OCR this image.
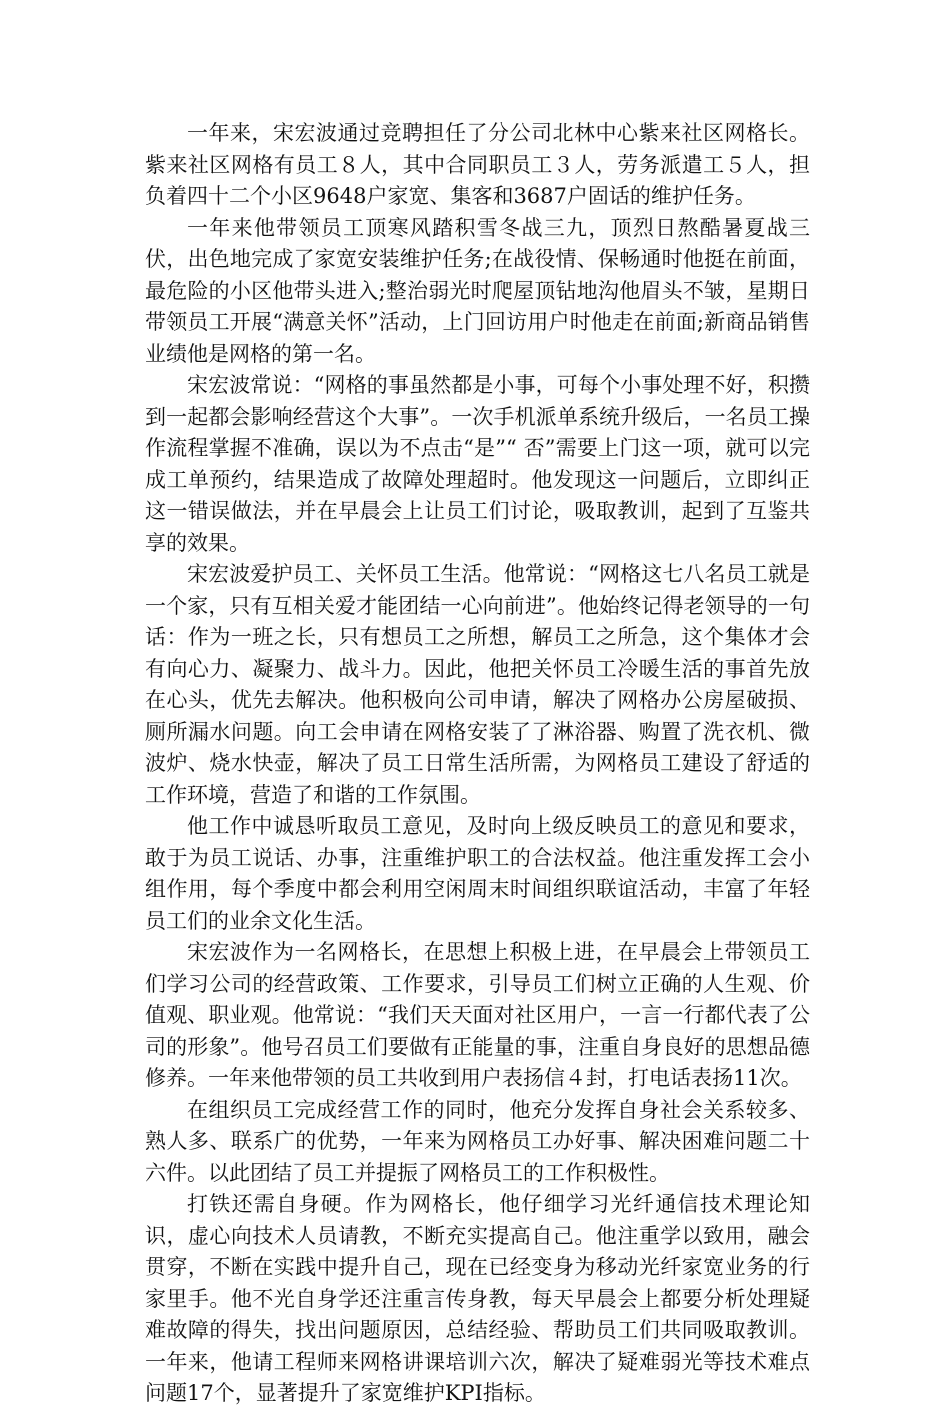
一年来，宋宏波通过竞聘担任了分公司北林中心紫来社区网格长。紫来社区网格有员工８人，其中合同职员工３人，劳务派遣工５人，担负着四十二个小区9648户家宽、集客和3687户固话的维护任务。

一年来他带领员工顶寒风踏积雪冬战三九，顶烈日熬酷暑夏战三伏，出色地完成了家宽安装维护任务;在战役情、保畅通时他挺在前面，最危险的小区他带头进入;整治弱光时爬屋顶钻地沟他眉头不皱，星期日带领员工开展“满意关怀”活动，上门回访用户时他走在前面;新商品销售业绩他是网格的第一名。

宋宏波常说：“网格的事虽然都是小事，可每个小事处理不好，积攒到一起都会影响经营这个大事”。一次手机派单系统升级后，一名员工操作流程掌握不准确，误以为不点击“是”“ 否”需要上门这一项，就可以完成工单预约，结果造成了故障处理超时。他发现这一问题后，立即纠正这一错误做法，并在早晨会上让员工们讨论，吸取教训，起到了互鉴共享的效果。

宋宏波爱护员工、关怀员工生活。他常说：“网格这七八名员工就是一个家，只有互相关爱才能团结一心向前进”。他始终记得老领导的一句话：作为一班之长，只有想员工之所想，解员工之所急，这个集体才会有向心力、凝聚力、战斗力。因此，他把关怀员工冷暖生活的事首先放在心头，优先去解决。他积极向公司申请，解决了网格办公房屋破损、厕所漏水问题。向工会申请在网格安装了了淋浴器、购置了洗衣机、微波炉、烧水快壶，解决了员工日常生活所需，为网格员工建设了舒适的工作环境，营造了和谐的工作氛围。

他工作中诚恳听取员工意见，及时向上级反映员工的意见和要求，敢于为员工说话、办事，注重维护职工的合法权益。他注重发挥工会小组作用，每个季度中都会利用空闲周末时间组织联谊活动，丰富了年轻员工们的业余文化生活。

宋宏波作为一名网格长，在思想上积极上进，在早晨会上带领员工们学习公司的经营政策、工作要求，引导员工们树立正确的人生观、价值观、职业观。他常说：“我们天天面对社区用户，一言一行都代表了公司的形象”。他号召员工们要做有正能量的事，注重自身良好的思想品德修养。一年来他带领的员工共收到用户表扬信４封，打电话表扬11次。

在组织员工完成经营工作的同时，他充分发挥自身社会关系较多、熟人多、联系广的优势，一年来为网格员工办好事、解决困难问题二十六件。以此团结了员工并提振了网格员工的工作积极性。

打铁还需自身硬。作为网格长，他仔细学习光纤通信技术理论知识，虚心向技术人员请教，不断充实提高自己。他注重学以致用，融会贯穿，不断在实践中提升自己，现在已经变身为移动光纤家宽业务的行家里手。他不光自身学还注重言传身教，每天早晨会上都要分析处理疑难故障的得失，找出问题原因，总结经验、帮助员工们共同吸取教训。一年来，他请工程师来网格讲课培训六次，解决了疑难弱光等技术难点问题17个，显著提升了家宽维护KPI指标。
